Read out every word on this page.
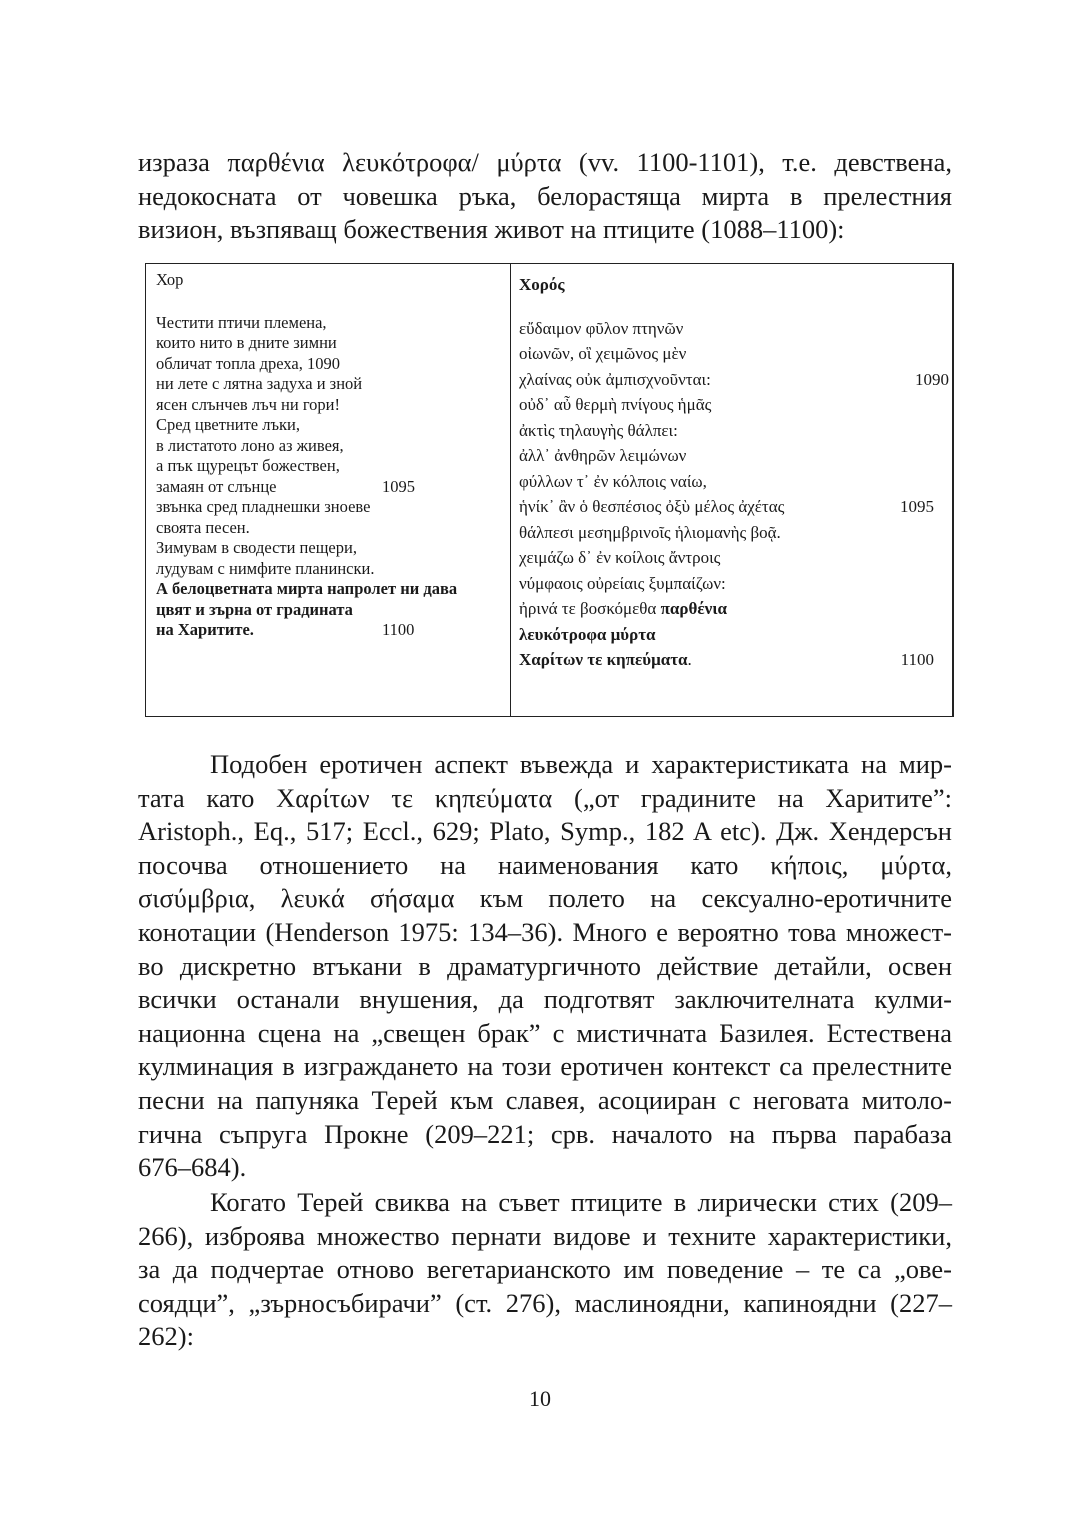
израза παρθένια λευκότροφα/ μύρτα (vv. 1100-1101), т.е. девствена,
недокосната от човешка ръка, белорастяща мирта в прелестния
визион, възпяващ божествения живот на птиците (1088–1100):
Хор
Честити птичи племена,
които нито в дните зимни
обличат топла дреха, 1090
ни лете с лятна задуха и зной
ясен слънчев лъч ни гори!
Сред цветните лъки,
в листатото лоно аз живея,
а пък щурецът божествен,
замаян от слънце	1095
звънка сред пладнешки зноеве
своята песен.
Зимувам в сводести пещери,
лудувам с нимфите планински.
А белоцветната мирта напролет ни дава
цвят и зърна от градината
на Харитите.	1100
Χορός
εὔδαιμον φῦλον πτηνῶν
οἰωνῶν, οἳ χειμῶνος μὲν
χλαίνας οὐκ ἀμπισχνοῦνται:	1090
οὐδ᾽ αὖ θερμὴ πνίγους ἡμᾶς
ἀκτὶς τηλαυγὴς θάλπει:
ἀλλ᾽ ἀνθηρῶν λειμώνων
φύλλων τ᾽ ἐν κόλποις ναίω,
ἡνίκ᾽ ἂν ὁ θεσπέσιος ὀξὺ μέλος ἀχέτας	1095
θάλπεσι μεσημβρινοῖς ἡλιομανὴς βοᾷ.
χειμάζω δ᾽ ἐν κοίλοις ἄντροις
νύμφαοις οὐρείαις ξυμπαίζων:
ἠρινά τε βοσκόμεθα παρθένια
λευκότροφα μύρτα
Χαρίτων τε κηπεύματα.	1100
Подобен еротичен аспект въвежда и характеристиката на мир-
тата като Χαρίτων τε κηπεύματα („от градините на Харитите”:
Aristoph., Eq., 517; Eccl., 629; Plato, Symp., 182 A etc). Дж. Хендерсън
посочва отношението на наименования като κήποις, μύρτα,
σισύμβρια, λευκά σήσαμα към полето на сексуално-еротичните
конотации (Henderson 1975: 134–36). Много е вероятно това множест-
во дискретно втъкани в драматургичното действие детайли, освен
всички останали внушения, да подготвят заключителната кулми-
национна сцена на „свещен брак” с мистичната Базилея. Естествена
кулминация в изграждането на този еротичен контекст са прелестните
песни на папуняка Терей към славея, асоцииран с неговата митоло-
гична съпруга Прокне (209–221; срв. началото на първа парабаза
676–684).
Когато Терей свиква на съвет птиците в лирически стих (209–
266), изброява множество пернати видове и техните характеристики,
за да подчертае отново вегетарианското им поведение – те са „ове-
соядци”, „зърносъбирачи” (ст. 276), маслиноядни, капиноядни (227–
262):
10
